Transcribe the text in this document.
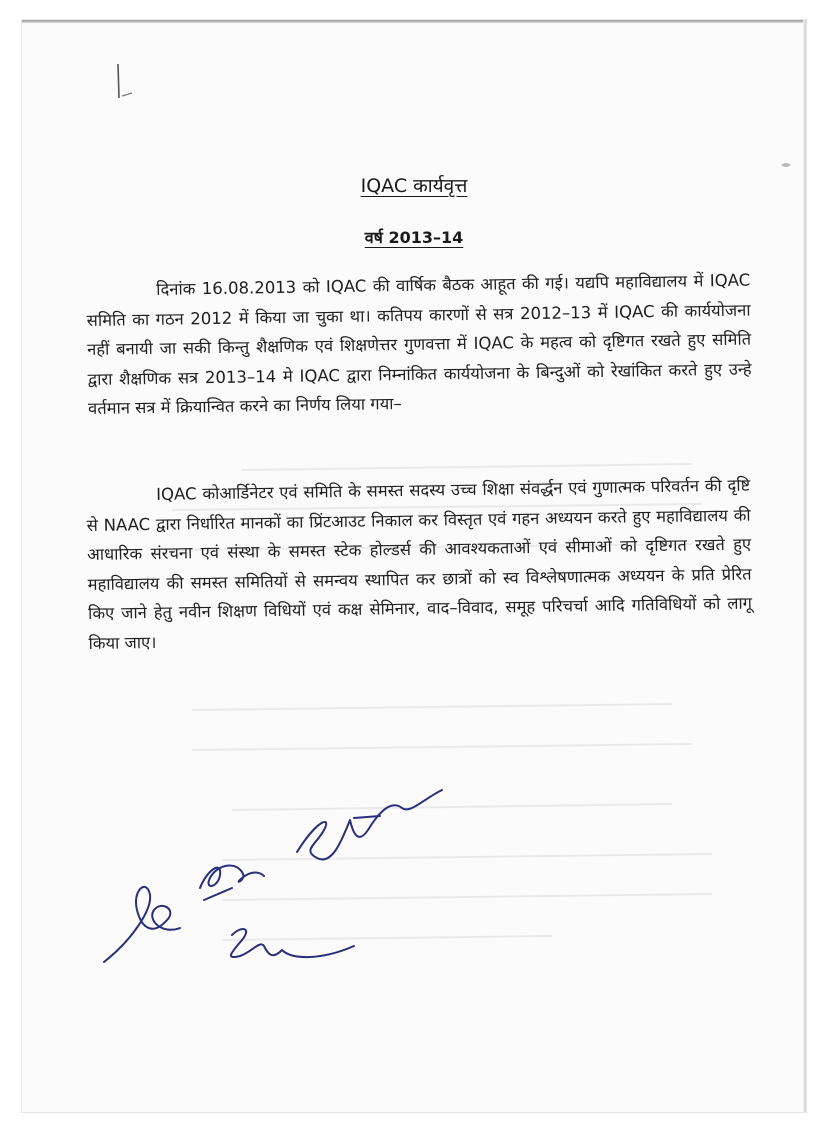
IQAC कार्यवृत्त
वर्ष 2013–14

दिनांक 16.08.2013 को IQAC की वार्षिक बैठक आहूत की गई। यद्यपि महाविद्यालय में IQAC समिति का गठन 2012 में किया जा चुका था। कतिपय कारणों से सत्र 2012–13 में IQAC की कार्ययोजना नहीं बनायी जा सकी किन्तु शैक्षणिक एवं शिक्षणेत्तर गुणवत्ता में IQAC के महत्व को दृष्टिगत रखते हुए समिति द्वारा शैक्षणिक सत्र 2013–14 मे IQAC द्वारा निम्नांकित कार्ययोजना के बिन्दुओं को रेखांकित करते हुए उन्हे वर्तमान सत्र में क्रियान्वित करने का निर्णय लिया गया–

IQAC कोआर्डिनेटर एवं समिति के समस्त सदस्य उच्च शिक्षा संवर्द्धन एवं गुणात्मक परिवर्तन की दृष्टि से NAAC द्वारा निर्धारित मानकों का प्रिंटआउट निकाल कर विस्तृत एवं गहन अध्ययन करते हुए महाविद्यालय की आधारिक संरचना एवं संस्था के समस्त स्टेक होल्डर्स की आवश्यकताओं एवं सीमाओं को दृष्टिगत रखते हुए महाविद्यालय की समस्त समितियों से समन्वय स्थापित कर छात्रों को स्व विश्लेषणात्मक अध्ययन के प्रति प्रेरित किए जाने हेतु नवीन शिक्षण विधियों एवं कक्ष सेमिनार, वाद–विवाद, समूह परिचर्चा आदि गतिविधियों को लागू किया जाए।
